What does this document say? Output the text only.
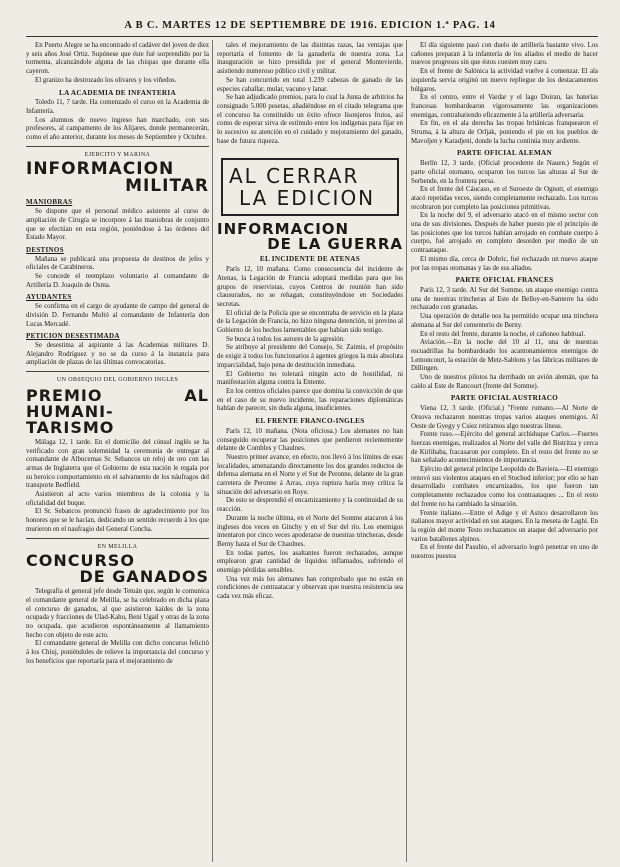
A B C. MARTES 12 DE SEPTIEMBRE DE 1916. EDICION 1.ª PAG. 14

En Puerto Alegre se ha encontrado el cadáver del joven de diez y seis años José Ortiz. Supónese que éste fué sorprendido por la tormenta, alcanzándole alguna de las chispas que durante ella cayeron.

El granizo ha destrozado los olivares y los viñedos.

LA ACADEMIA DE INFANTERIA

Toledo 11, 7 tarde. Ha comenzado el curso en la Academia de Infantería.

Los alumnos de nuevo ingreso han marchado, con sus profesores, al campamento de los Alijares, donde permanecerán, como el año anterior, durante los meses de Septiembre y Octubre.

EJERCITO Y MARINA
INFORMACION
MILITAR
MANIOBRAS

Se dispone que el personal médico asistente al curso de ampliación de Cirugía se incorpore á las maniobras de conjunto que se efectúan en esta región, poniéndose á las órdenes del Estado Mayor.

DESTINOS

Mañana se publicará una propuesta de destinos de jefes y oficiales de Carabineros.

Se concede el reemplazo voluntario al comandante de Artillería D. Joaquín de Osma.

AYUDANTES

Se confirma en el cargo de ayudante de campo del general de división D. Fernando Moltó al comandante de Infantería don Lucas Mercadé.

PETICION DESESTIMADA

Se desestima al aspirante á las Academias militares D. Alejandro Rodríguez y no se da curso á la instancia para ampliación de plazas de las últimas convocatorias.

UN OBSEQUIO DEL GOBIERNO INGLES
PREMIO AL HUMANI-
TARISMO

Málaga 12, 1 tarde. En el domicilio del cónsul inglés se ha verificado con gran solemnidad la ceremonia de entregar al comandante de Albucemas Sr. Sebancos un reloj de oro con las armas de Inglaterra que el Gobierno de esta nación le regala por su heroico comportamiento en el salvamento de los náufragos del transporte Bedfield.

Asistieron al acto varios miembros de la colonia y la oficialidad del buque.

El Sr. Sebancos pronunció frases de agradecimiento por los honores que se le hacían, dedicando un sentido recuerdo á los que murieron en el naufragio del General Concha.

EN MELILLA
CONCURSO
DE GANADOS

Telegrafía el general jefe desde Tetuán que, según le comunica el comandante general de Melilla, se ha celebrado en dicha plaza el concurso de ganados, al que asistieron kaídes de la zona ocupada y fracciones de Ulad-Kahu, Beni Ugail y otras de la zona no ocupada, que acudieron espontáneamente al llamamiento hecho con objeto de este acto.

El comandante general de Melilla con dicho concurso felicitó á los Chiuj, poniéndoles de relieve la importancia del concurso y los beneficios que reportaría para el mejoramiento de

tales el mejoramiento de las distintas razas, las ventajas que reportaría el fomento de la ganadería de nuestra zona. La inauguración se hizo presidida por el general Montevierde, asistiendo numeroso público civil y militar.

Se han concurrido en total 1.239 cabezas de ganado de las especies caballar, mular, vacuno y lanar.

Se han adjudicado premios, para lo cual la Junta de arbitrios ha consignado 5.000 pesetas, añadiéndose en el citado telegrama que el concurso ha constituído un éxito ofrece lisonjeros frutos, así como de esperar sirva de estímulo entre los indígenas para fijar en lo sucesivo su atención en el cuidado y mejoramiento del ganado, base de futura riqueza.

AL CERRAR
LA EDICION
INFORMACION
DE LA GUERRA
EL INCIDENTE DE ATENAS

París 12, 10 mañana. Como consecuencia del incidente de Atenas, la Legación de Francia adoptará medidas para que los grupos de reservistas, cuyos Centros de reunión han sido clausurados, no se rehagan, constituyéndose en Sociedades secretas.

El oficial de la Policía que se encontraba de servicio en la plaza de la Legación de Francia, no hizo ninguna detención, ni previno al Gobierno de los hechos lamentables que habían sido testigo.

Se busca á todos los autores de la agresión.

Se atribuye al presidente del Consejo, Sr. Zaimis, el propósito de exigir á todos los funcionarios á agentes griegos la más absoluta imparcialidad, bajo pena de destitución inmediata.

El Gobierno no tolerará ningún acto de hostilidad, ni manifestación alguna contra la Entente.

En los centros oficiales parece que domina la convicción de que en el caso de su nuevo incidente, las reparaciones diplomáticas habían de parecer, sin duda alguna, insuficientes.

EL FRENTE FRANCO-INGLES

París 12, 10 mañana. (Nota oficiosa.) Los alemanes no han conseguido recuperar las posiciones que perdieron recientemente delante de Combles y Chaulnes.

Nuestro primer avance, en efecto, nos llevó á los límites de esas localidades, amenazando directamente los dos grandes reductos de defensa alemana en el Norte y el Sur de Peronne, delante de la gran carretera de Peronne á Arras, cuya ruptura haría muy crítica la situación del adversario en Roye.

De esto se desprendió el encarnizamiento y la continuidad de su reacción.

Durante la noche última, en el Norte del Somme atacaron á los ingleses dos veces en Ginchy y en el Sur del río. Los enemigos intentaron por cinco veces apoderarse de nuestras trincheras, desde Berny hasta el Sur de Chaulnes.

En todas partes, los asaltantes fueron rechazados, aunque emplearon gran cantidad de líquidos inflamados, sufriendo el enemigo pérdidas sensibles.

Una vez más los alemanes han comprobado que no están en condiciones de contraatacar y observan que nuestra resistencia sea cada vez más eficaz.

El día siguiente pasó con duelo de artillería bastante vivo. Los cañones preparan á la infantería de los aliados el medio de hacer nuevos progresos sin que éstos cuesten muy caro.

En el frente de Salónica la actividad vuelve á comenzar. El ala izquierda servia originó un nuevo repliegue de los destacamentos búlgaros.

En el centro, entre el Vardar y el lago Doiran, las baterías francesas bombardearon vigorosamente las organizaciones enemigas, contrabatiendo eficazmente á la artillería adversaria.

En fin, en el ala derecha las tropas británicas franquearon el Struma, á la altura de Orljak, poniendo el pie en los pueblos de Mavoljen y Karadjeni, donde la lucha continúa muy ardiente.

PARTE OFICIAL ALEMAN

Berlín 12, 3 tarde. (Oficial procedente de Nauen.) Según el parte oficial otomano, ocuparon los turcos las alturas al Sur de Serbende, en la frontera persa.

En el frente del Cáucaso, en el Suroeste de Ognott, el enemigo atacó repetidas veces, siendo completamente rechazado. Los turcos recobraron por completo las posiciones primitivas.

En la noche del 9, el adversario atacó en el mismo sector con una de sus divisiones. Después de haber puesto pie el principio de las posiciones que los turcos habían arrojado en combate cuerpo á cuerpo, fué arrojado en completo desorden por medio de un contraataque.

El mismo día, cerca de Dobric, fué rechazado un nuevo ataque por las tropas otomanas y las de sus aliados.

PARTE OFICIAL FRANCES

París 12, 3 tarde. Al Sur del Somme, un ataque enemigo contra una de nuestras trincheras al Este de Belloy-en-Santerre ha sido rechazado con granadas.

Una operación de detalle nos ha permitido ocupar una trinchera alemana al Sur del cementerio de Berny.

En el resto del frente, durante la noche, el cañoneo habitual.

Aviación.—En la noche del 10 al 11, una de nuestras escuadrillas ha bombardeado los acantonamientos enemigos de Lemoncourt, la estación de Metz-Sablons y las fábricas militares de Dillingen.

Uno de nuestros pilotos ha derribado un avión alemán, que ha caído al Este de Rancourt (frente del Somme).

PARTE OFICIAL AUSTRIACO

Viena 12, 3 tarde. (Oficial.) "Frente rumano.—Al Norte de Orsova rechazaron nuestras tropas varios ataques enemigos. Al Oeste de Gyegy y Csiez retiramos algo nuestras líneas.

Frente ruso.—Ejército del general archiduque Carlos.—Fuertes fuerzas enemigas, realizados al Norte del valle del Bistritza y cerca de Kirlibaba, fracasaron por completo. En el resto del frente no se han señalado acontecimientos de importancia.

Ejército del general príncipe Leopoldo de Baviera.—El enemigo renovó sus violentos ataques en el Stochod inferior; por ello se han desarrollado combates encarnizados, los que fueron tan completamente rechazados como los contraataques ... En el resto del frente no ha cambiado la situación.

Frente italiano.—Entre el Adige y el Astico desarrollaron los italianos mayor actividad en sus ataques. En la meseta de Laghi. En la región del monte Testo rechazamos un ataque del adversario por varios batallones alpinos.

En el frente del Pasubio, el adversario logró penetrar en uno de nuestros puestos
